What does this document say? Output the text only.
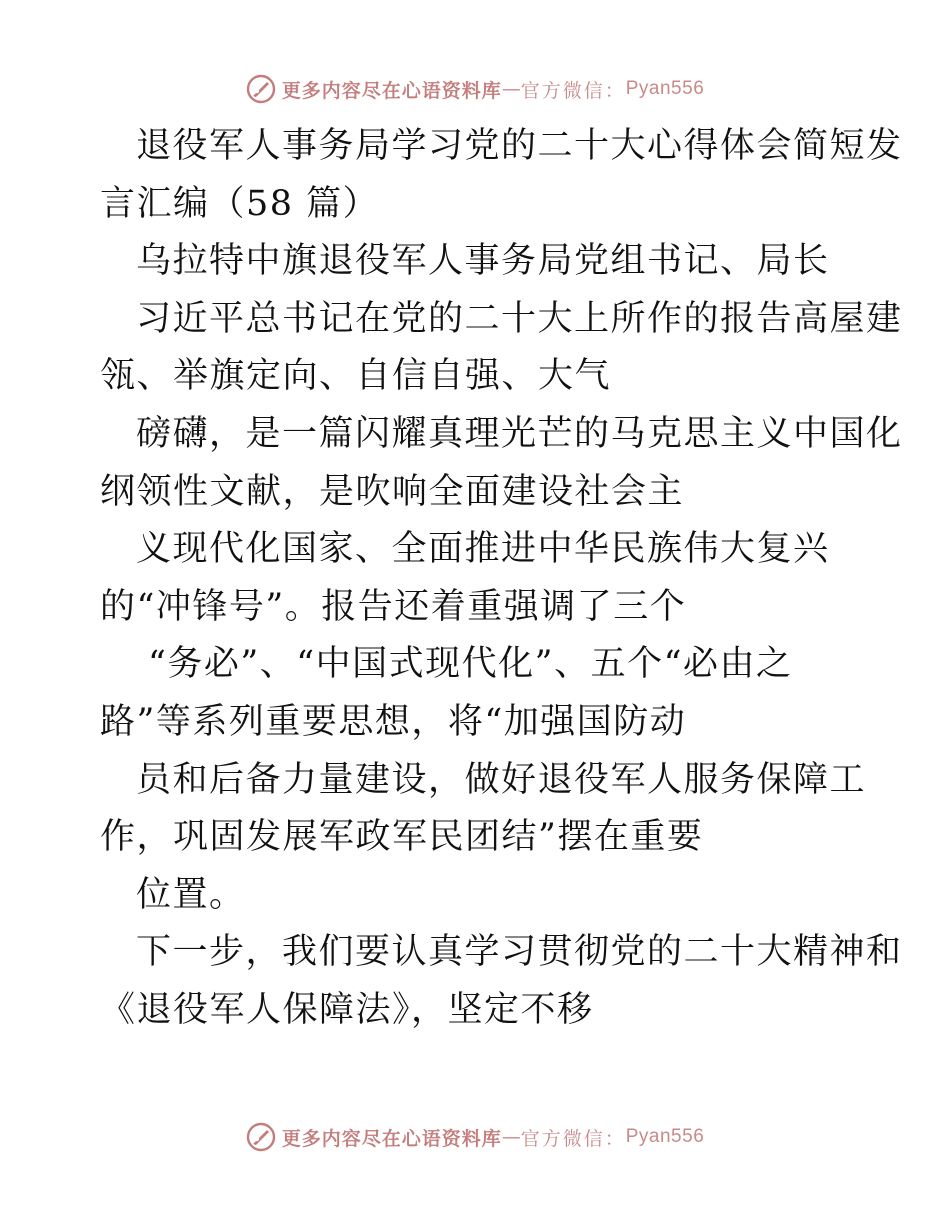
更多内容尽在心语资料库 — 官方微信： Pyan556
退役军人事务局学习党的二十大心得体会简短发
言汇编（58 篇）
乌拉特中旗退役军人事务局党组书记、局长
习近平总书记在党的二十大上所作的报告高屋建
瓴、举旗定向、自信自强、大气
磅礴，是一篇闪耀真理光芒的马克思主义中国化
纲领性文献，是吹响全面建设社会主
义现代化国家、全面推进中华民族伟大复兴
的“冲锋号”。报告还着重强调了三个
“务必”、“中国式现代化”、五个“必由之
路”等系列重要思想，将“加强国防动
员和后备力量建设，做好退役军人服务保障工
作，巩固发展军政军民团结”摆在重要
位置。
下一步，我们要认真学习贯彻党的二十大精神和
《退役军人保障法》，坚定不移
更多内容尽在心语资料库 — 官方微信： Pyan556
